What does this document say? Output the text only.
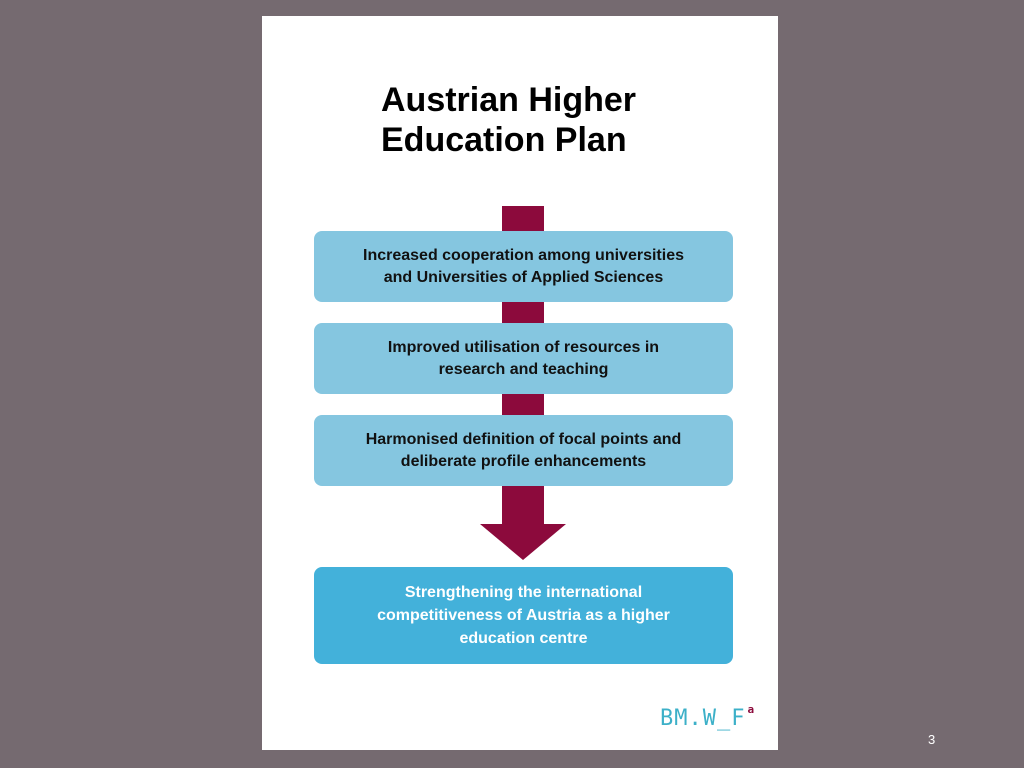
Austrian Higher
Education Plan
Increased cooperation among universities
and Universities of Applied Sciences
Improved utilisation of resources in
research and teaching
Harmonised definition of focal points and
deliberate profile enhancements
Strengthening the international
competitiveness of Austria as a higher
education centre
BM.W_F $^a$
3
